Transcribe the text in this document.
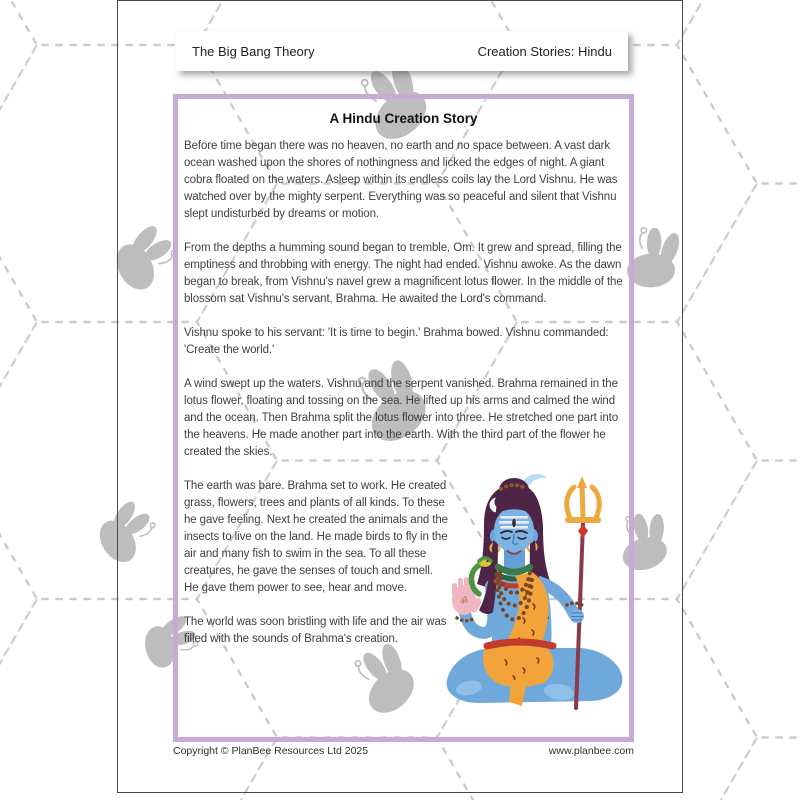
The Big Bang Theory	Creation Stories: Hindu
A Hindu Creation Story

Before time began there was no heaven, no earth and no space between. A vast dark ocean washed upon the shores of nothingness and licked the edges of night. A giant cobra floated on the waters. Asleep within its endless coils lay the Lord Vishnu. He was watched over by the mighty serpent. Everything was so peaceful and silent that Vishnu slept undisturbed by dreams or motion.

From the depths a humming sound began to tremble, Om. It grew and spread, filling the emptiness and throbbing with energy. The night had ended. Vishnu awoke. As the dawn began to break, from Vishnu's navel grew a magnificent lotus flower. In the middle of the blossom sat Vishnu's servant, Brahma. He awaited the Lord's command.

Vishnu spoke to his servant: 'It is time to begin.' Brahma bowed. Vishnu commanded: 'Create the world.'

A wind swept up the waters. Vishnu and the serpent vanished. Brahma remained in the lotus flower, floating and tossing on the sea. He lifted up his arms and calmed the wind and the ocean. Then Brahma split the lotus flower into three. He stretched one part into the heavens. He made another part into the earth. With the third part of the flower he created the skies.

ॐ

The earth was bare. Brahma set to work. He created grass, flowers, trees and plants of all kinds. To these he gave feeling. Next he created the animals and the insects to live on the land. He made birds to fly in the air and many fish to swim in the sea. To all these creatures, he gave the senses of touch and smell. He gave them power to see, hear and move.

The world was soon bristling with life and the air was filled with the sounds of Brahma's creation.

Copyright © PlanBee Resources Ltd 2025	www.planbee.com
